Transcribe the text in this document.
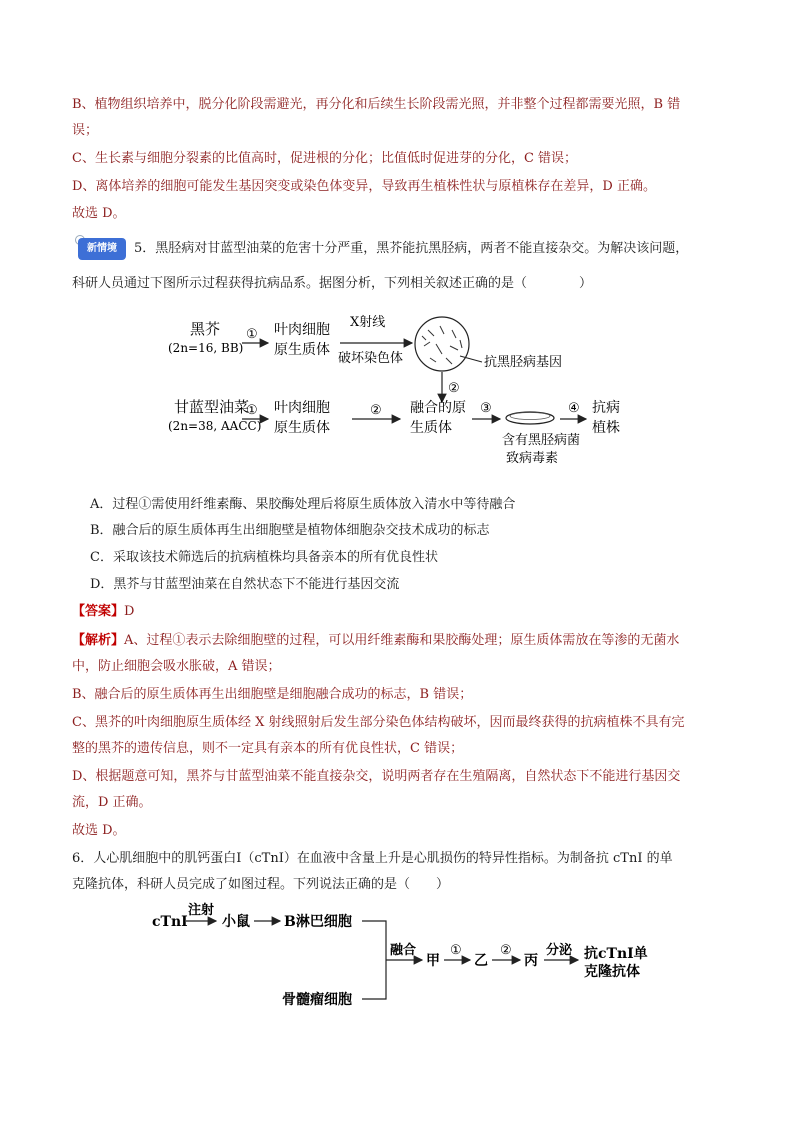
B、植物组织培养中，脱分化阶段需避光，再分化和后续生长阶段需光照，并非整个过程都需要光照，B 错
误；
C、生长素与细胞分裂素的比值高时，促进根的分化；比值低时促进芽的分化，C 错误；
D、离体培养的细胞可能发生基因突变或染色体变异，导致再生植株性状与原植株存在差异，D 正确。
故选 D。
新情境	5．黑胫病对甘蓝型油菜的危害十分严重，黑芥能抗黑胫病，两者不能直接杂交。为解决该问题，
科研人员通过下图所示过程获得抗病品系。据图分析，下列相关叙述正确的是（　　　　）
黑芥
(2n=16, BB)
① 叶肉细胞
原生质体
X射线
破坏染色体	抗黑胫病基因
②
甘蓝型油菜
(2n=38, AACC)
① 叶肉细胞
原生质体
② 融合的原
生质体
③
含有黑胫病菌
致病毒素
④ 抗病
植株
A．过程①需使用纤维素酶、果胶酶处理后将原生质体放入清水中等待融合
B．融合后的原生质体再生出细胞壁是植物体细胞杂交技术成功的标志
C．采取该技术筛选后的抗病植株均具备亲本的所有优良性状
D．黑芥与甘蓝型油菜在自然状态下不能进行基因交流
【答案】D
【解析】A、过程①表示去除细胞壁的过程，可以用纤维素酶和果胶酶处理；原生质体需放在等渗的无菌水
中，防止细胞会吸水胀破，A 错误；
B、融合后的原生质体再生出细胞壁是细胞融合成功的标志，B 错误；
C、黑芥的叶肉细胞原生质体经 X 射线照射后发生部分染色体结构破坏，因而最终获得的抗病植株不具有完
整的黑芥的遗传信息，则不一定具有亲本的所有优良性状，C 错误；
D、根据题意可知，黑芥与甘蓝型油菜不能直接杂交，说明两者存在生殖隔离，自然状态下不能进行基因交
流，D 正确。
故选 D。
6．人心肌细胞中的肌钙蛋白Ⅰ（cTnI）在血液中含量上升是心肌损伤的特异性指标。为制备抗 cTnI 的单
克隆抗体，科研人员完成了如图过程。下列说法正确的是（　　）
cTnI
注射
小鼠 B淋巴细胞
融合
甲
①
乙
②
丙
分泌 抗cTnI单
克隆抗体
骨髓瘤细胞
